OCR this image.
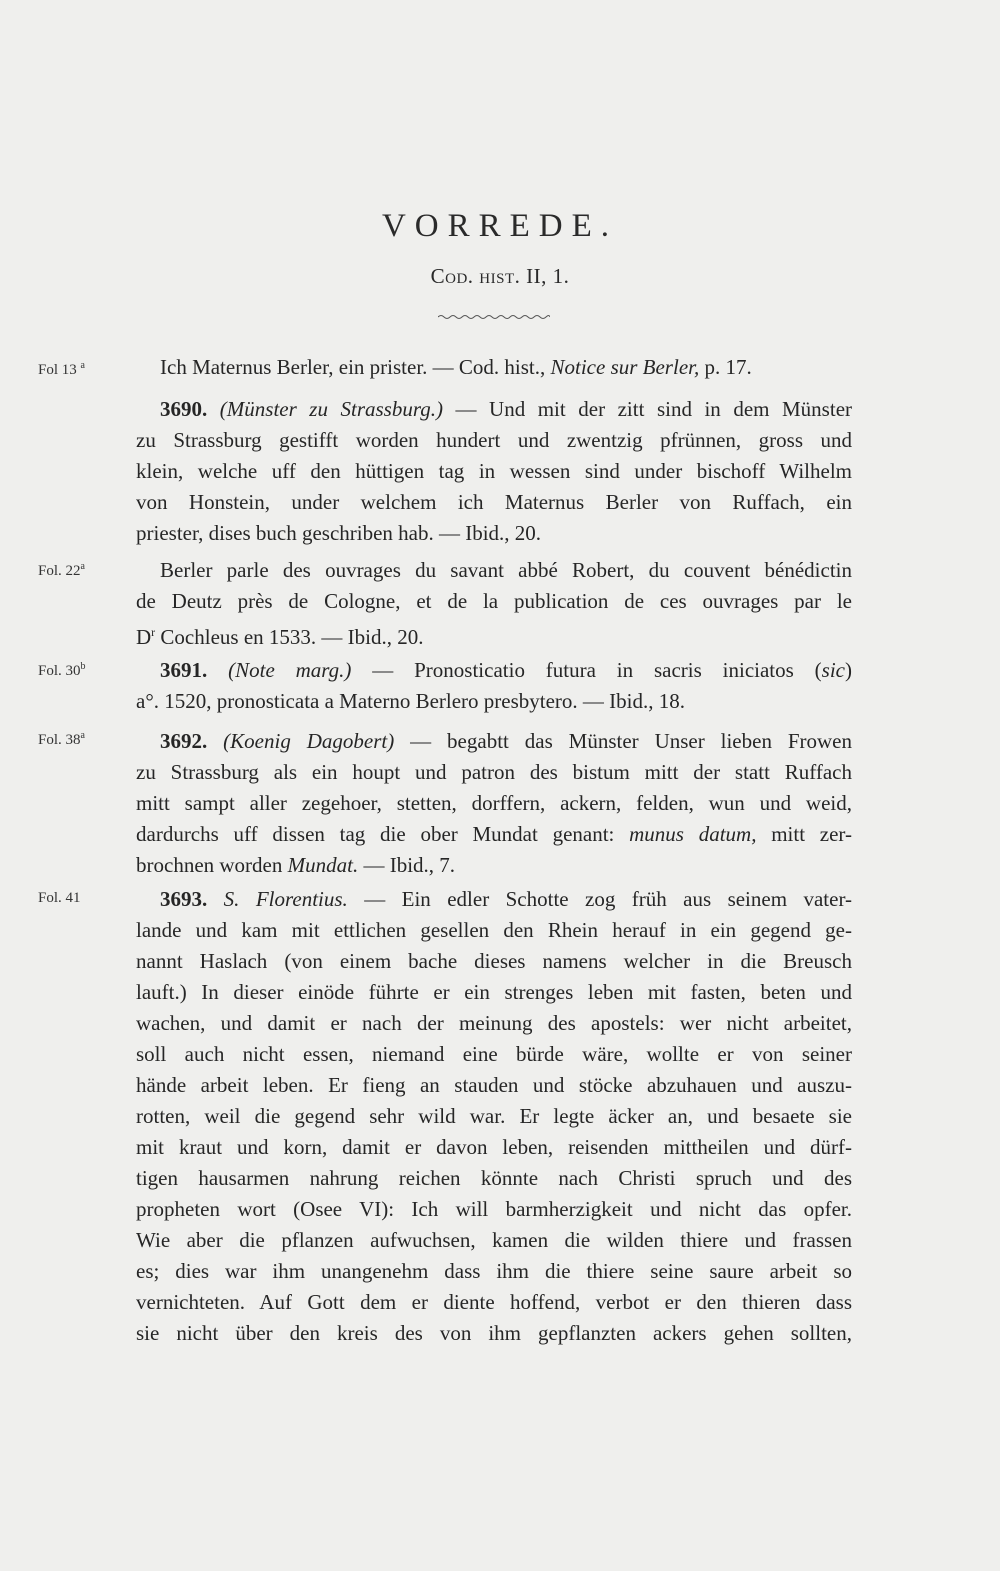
VORREDE.
Cod. hist. II, 1.
Fol 13 $^a$	Ich Maternus Berler, ein prister. — Cod. hist., Notice sur Berler, p. 17.
3690. (Münster zu Strassburg.) — Und mit der zitt sind in dem Münster
zu Strassburg gestifft worden hundert und zwentzig pfrünnen, gross und
klein, welche uff den hüttigen tag in wessen sind under bischoff Wilhelm
von Honstein, under welchem ich Maternus Berler von Ruffach, ein
priester, dises buch geschriben hab. — Ibid., 20.
Fol. 22$^a$	Berler parle des ouvrages du savant abbé Robert, du couvent bénédictin
de Deutz près de Cologne, et de la publication de ces ouvrages par le
$D^r$ Cochleus en 1533. — Ibid., 20.
Fol. 30$^b$	3691. (Note marg.) — Pronosticatio futura in sacris iniciatos (sic)
a°. 1520, pronosticata a Materno Berlero presbytero. — Ibid., 18.
Fol. 38$^a$	3692. (Koenig Dagobert) — begabtt das Münster Unser lieben Frowen
zu Strassburg als ein houpt und patron des bistum mitt der statt Ruffach
mitt sampt aller zegehoer, stetten, dorffern, ackern, felden, wun und weid,
dardurchs uff dissen tag die ober Mundat genant: munus datum, mitt zer-
brochnen worden Mundat. — Ibid., 7.
Fol. 41	3693. S. Florentius. — Ein edler Schotte zog früh aus seinem vater-
lande und kam mit ettlichen gesellen den Rhein herauf in ein gegend ge-
nannt Haslach (von einem bache dieses namens welcher in die Breusch
lauft.) In dieser einöde führte er ein strenges leben mit fasten, beten und
wachen, und damit er nach der meinung des apostels: wer nicht arbeitet,
soll auch nicht essen, niemand eine bürde wäre, wollte er von seiner
hände arbeit leben. Er fieng an stauden und stöcke abzuhauen und auszu-
rotten, weil die gegend sehr wild war. Er legte äcker an, und besaete sie
mit kraut und korn, damit er davon leben, reisenden mittheilen und dürf-
tigen hausarmen nahrung reichen könnte nach Christi spruch und des
propheten wort (Osee VI): Ich will barmherzigkeit und nicht das opfer.
Wie aber die pflanzen aufwuchsen, kamen die wilden thiere und frassen
es; dies war ihm unangenehm dass ihm die thiere seine saure arbeit so
vernichteten. Auf Gott dem er diente hoffend, verbot er den thieren dass
sie nicht über den kreis des von ihm gepflanzten ackers gehen sollten,
